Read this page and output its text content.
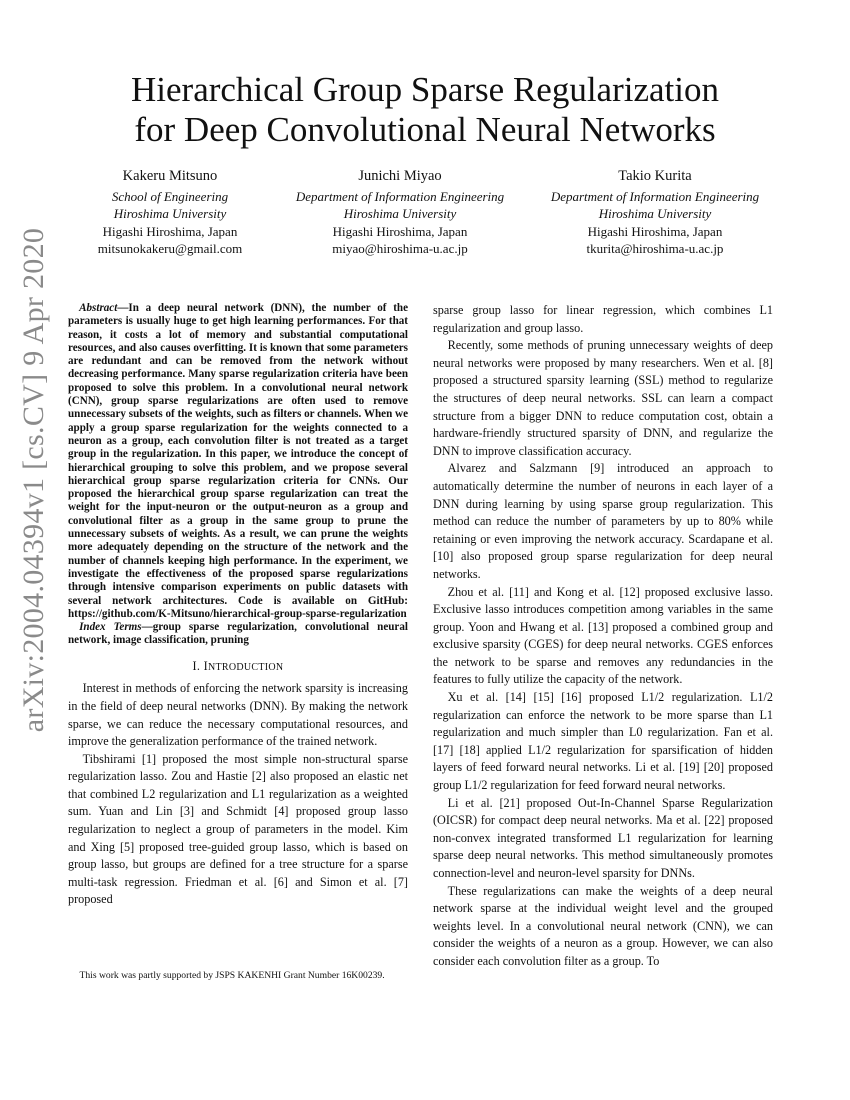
arXiv:2004.04394v1 [cs.CV] 9 Apr 2020
Hierarchical Group Sparse Regularization
for Deep Convolutional Neural Networks
Kakeru Mitsuno
School of Engineering
Hiroshima University
Higashi Hiroshima, Japan
mitsunokakeru@gmail.com
Junichi Miyao
Department of Information Engineering
Hiroshima University
Higashi Hiroshima, Japan
miyao@hiroshima-u.ac.jp
Takio Kurita
Department of Information Engineering
Hiroshima University
Higashi Hiroshima, Japan
tkurita@hiroshima-u.ac.jp

Abstract—In a deep neural network (DNN), the number of the parameters is usually huge to get high learning performances. For that reason, it costs a lot of memory and substantial computational resources, and also causes overfitting. It is known that some parameters are redundant and can be removed from the network without decreasing performance. Many sparse regularization criteria have been proposed to solve this problem. In a convolutional neural network (CNN), group sparse regularizations are often used to remove unnecessary subsets of the weights, such as filters or channels. When we apply a group sparse regularization for the weights connected to a neuron as a group, each convolution filter is not treated as a target group in the regularization. In this paper, we introduce the concept of hierarchical grouping to solve this problem, and we propose several hierarchical group sparse regularization criteria for CNNs. Our proposed the hierarchical group sparse regularization can treat the weight for the input-neuron or the output-neuron as a group and convolutional filter as a group in the same group to prune the unnecessary subsets of weights. As a result, we can prune the weights more adequately depending on the structure of the network and the number of channels keeping high performance. In the experiment, we investigate the effectiveness of the proposed sparse regularizations through intensive comparison experiments on public datasets with several network architectures. Code is available on GitHub: https://github.com/K-Mitsuno/hierarchical-group-sparse-regularization

Index Terms—group sparse regularization, convolutional neural network, image classification, pruning

I. INTRODUCTION

Interest in methods of enforcing the network sparsity is increasing in the field of deep neural networks (DNN). By making the network sparse, we can reduce the necessary computational resources, and improve the generalization performance of the trained network.

Tibshirami [1] proposed the most simple non-structural sparse regularization lasso. Zou and Hastie [2] also proposed an elastic net that combined L2 regularization and L1 regularization as a weighted sum. Yuan and Lin [3] and Schmidt [4] proposed group lasso regularization to neglect a group of parameters in the model. Kim and Xing [5] proposed tree-guided group lasso, which is based on group lasso, but groups are defined for a tree structure for a sparse multi-task regression. Friedman et al. [6] and Simon et al. [7] proposed

This work was partly supported by JSPS KAKENHI Grant Number 16K00239.

sparse group lasso for linear regression, which combines L1 regularization and group lasso.

Recently, some methods of pruning unnecessary weights of deep neural networks were proposed by many researchers. Wen et al. [8] proposed a structured sparsity learning (SSL) method to regularize the structures of deep neural networks. SSL can learn a compact structure from a bigger DNN to reduce computation cost, obtain a hardware-friendly structured sparsity of DNN, and regularize the DNN to improve classification accuracy.

Alvarez and Salzmann [9] introduced an approach to automatically determine the number of neurons in each layer of a DNN during learning by using sparse group regularization. This method can reduce the number of parameters by up to 80% while retaining or even improving the network accuracy. Scardapane et al. [10] also proposed group sparse regularization for deep neural networks.

Zhou et al. [11] and Kong et al. [12] proposed exclusive lasso. Exclusive lasso introduces competition among variables in the same group. Yoon and Hwang et al. [13] proposed a combined group and exclusive sparsity (CGES) for deep neural networks. CGES enforces the network to be sparse and removes any redundancies in the features to fully utilize the capacity of the network.

Xu et al. [14] [15] [16] proposed L1/2 regularization. L1/2 regularization can enforce the network to be more sparse than L1 regularization and much simpler than L0 regularization. Fan et al. [17] [18] applied L1/2 regularization for sparsification of hidden layers of feed forward neural networks. Li et al. [19] [20] proposed group L1/2 regularization for feed forward neural networks.

Li et al. [21] proposed Out-In-Channel Sparse Regularization (OICSR) for compact deep neural networks. Ma et al. [22] proposed non-convex integrated transformed L1 regularization for learning sparse deep neural networks. This method simultaneously promotes connection-level and neuron-level sparsity for DNNs.

These regularizations can make the weights of a deep neural network sparse at the individual weight level and the grouped weights level. In a convolutional neural network (CNN), we can consider the weights of a neuron as a group. However, we can also consider each convolution filter as a group. To
